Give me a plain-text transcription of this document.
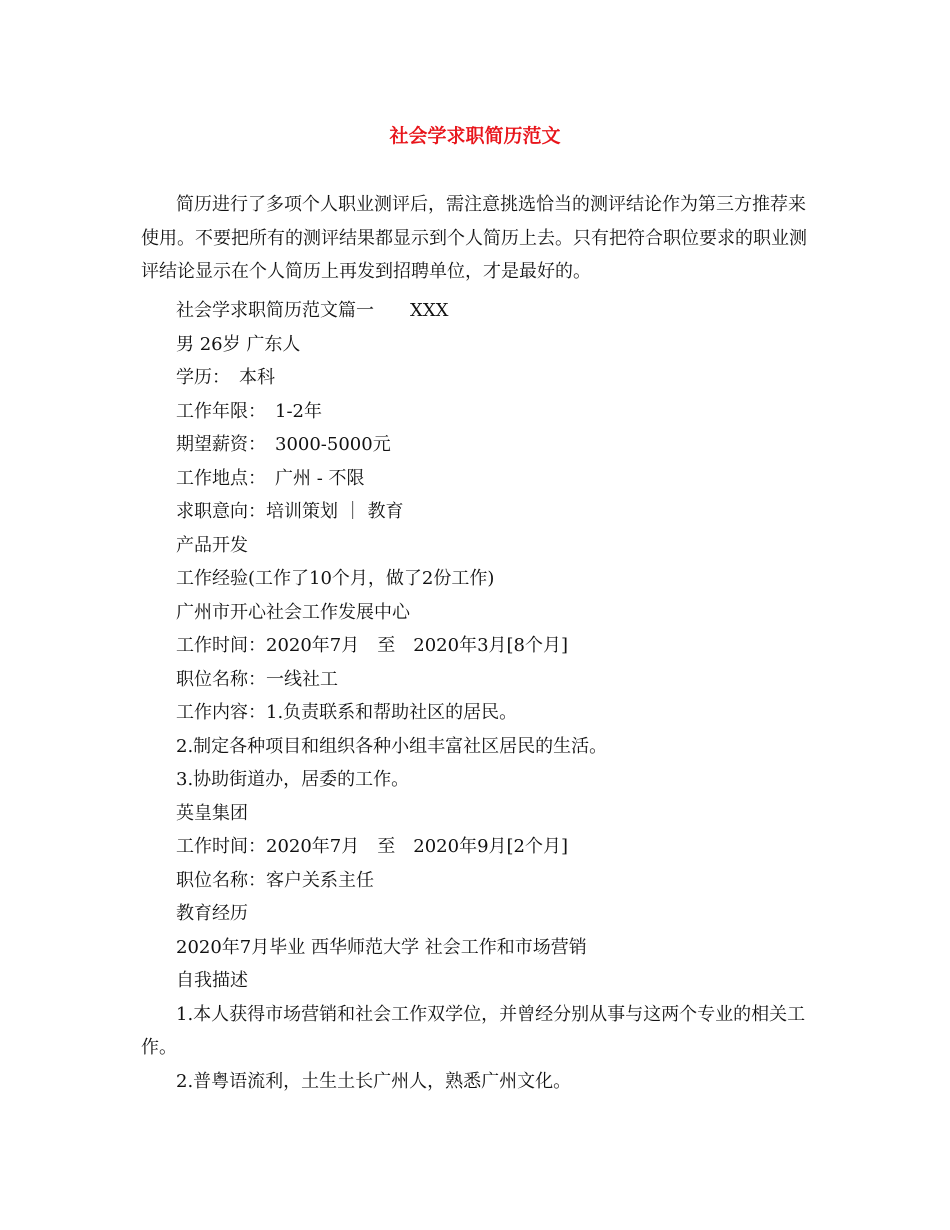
社会学求职简历范文

简历进行了多项个人职业测评后，需注意挑选恰当的测评结论作为第三方推荐来使用。不要把所有的测评结果都显示到个人简历上去。只有把符合职位要求的职业测评结论显示在个人简历上再发到招聘单位，才是最好的。

社会学求职简历范文篇一　　XXX
男 26岁 广东人
学历：　本科
工作年限：　1-2年
期望薪资：　3000-5000元
工作地点：　广州 - 不限
求职意向：培训策划 ｜ 教育
产品开发
工作经验(工作了10个月，做了2份工作)
广州市开心社会工作发展中心
工作时间：2020年7月　至　2020年3月[8个月]
职位名称：一线社工
工作内容：1.负责联系和帮助社区的居民。
2.制定各种项目和组织各种小组丰富社区居民的生活。
3.协助街道办，居委的工作。
英皇集团
工作时间：2020年7月　至　2020年9月[2个月]
职位名称：客户关系主任
教育经历
2020年7月毕业 西华师范大学 社会工作和市场营销
自我描述
1.本人获得市场营销和社会工作双学位，并曾经分别从事与这两个专业的相关工作。
2.普粤语流利，土生土长广州人，熟悉广州文化。
